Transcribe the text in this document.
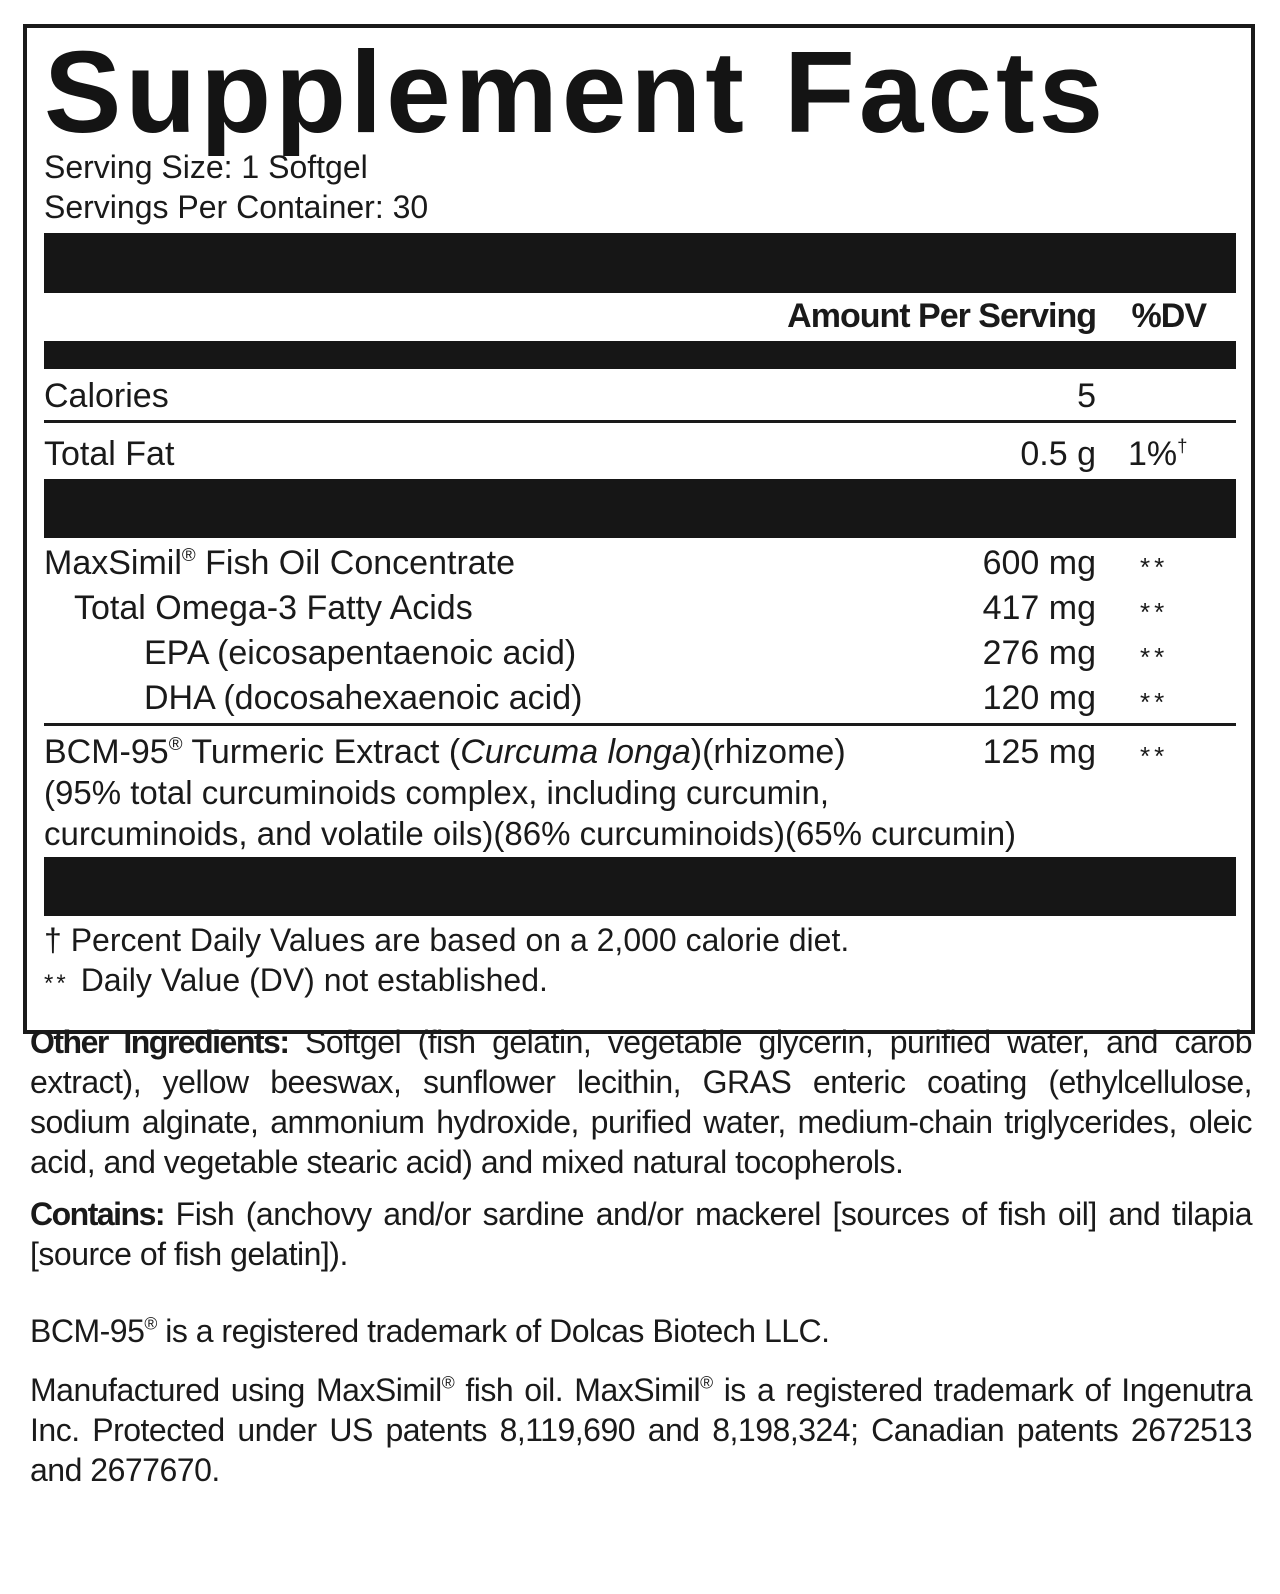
Supplement Facts
Serving Size: 1 Softgel
Servings Per Container: 30
Amount Per Serving	%DV
Calories	5
Total Fat	0.5 g 1%†
MaxSimil® Fish Oil Concentrate	600 mg **
Total Omega-3 Fatty Acids	417 mg **
EPA (eicosapentaenoic acid)	276 mg **
DHA (docosahexaenoic acid)	120 mg **
BCM-95® Turmeric Extract (Curcuma longa)(rhizome)	125 mg **
(95% total curcuminoids complex, including curcumin,
curcuminoids, and volatile oils)(86% curcuminoids)(65% curcumin)
† Percent Daily Values are based on a 2,000 calorie diet.
** Daily Value (DV) not established.
Other Ingredients: Softgel (fish gelatin, vegetable glycerin, purified water, and carob extract), yellow beeswax, sunflower lecithin, GRAS enteric coating (ethylcellulose, sodium alginate, ammonium hydroxide, purified water, medium-chain triglycerides, oleic acid, and vegetable stearic acid) and mixed natural tocopherols.
Contains: Fish (anchovy and/or sardine and/or mackerel [sources of fish oil] and tilapia [source of fish gelatin]).
BCM-95® is a registered trademark of Dolcas Biotech LLC.
Manufactured using MaxSimil® fish oil. MaxSimil® is a registered trademark of Ingenutra Inc. Protected under US patents 8,119,690 and 8,198,324; Canadian patents 2672513 and 2677670.
